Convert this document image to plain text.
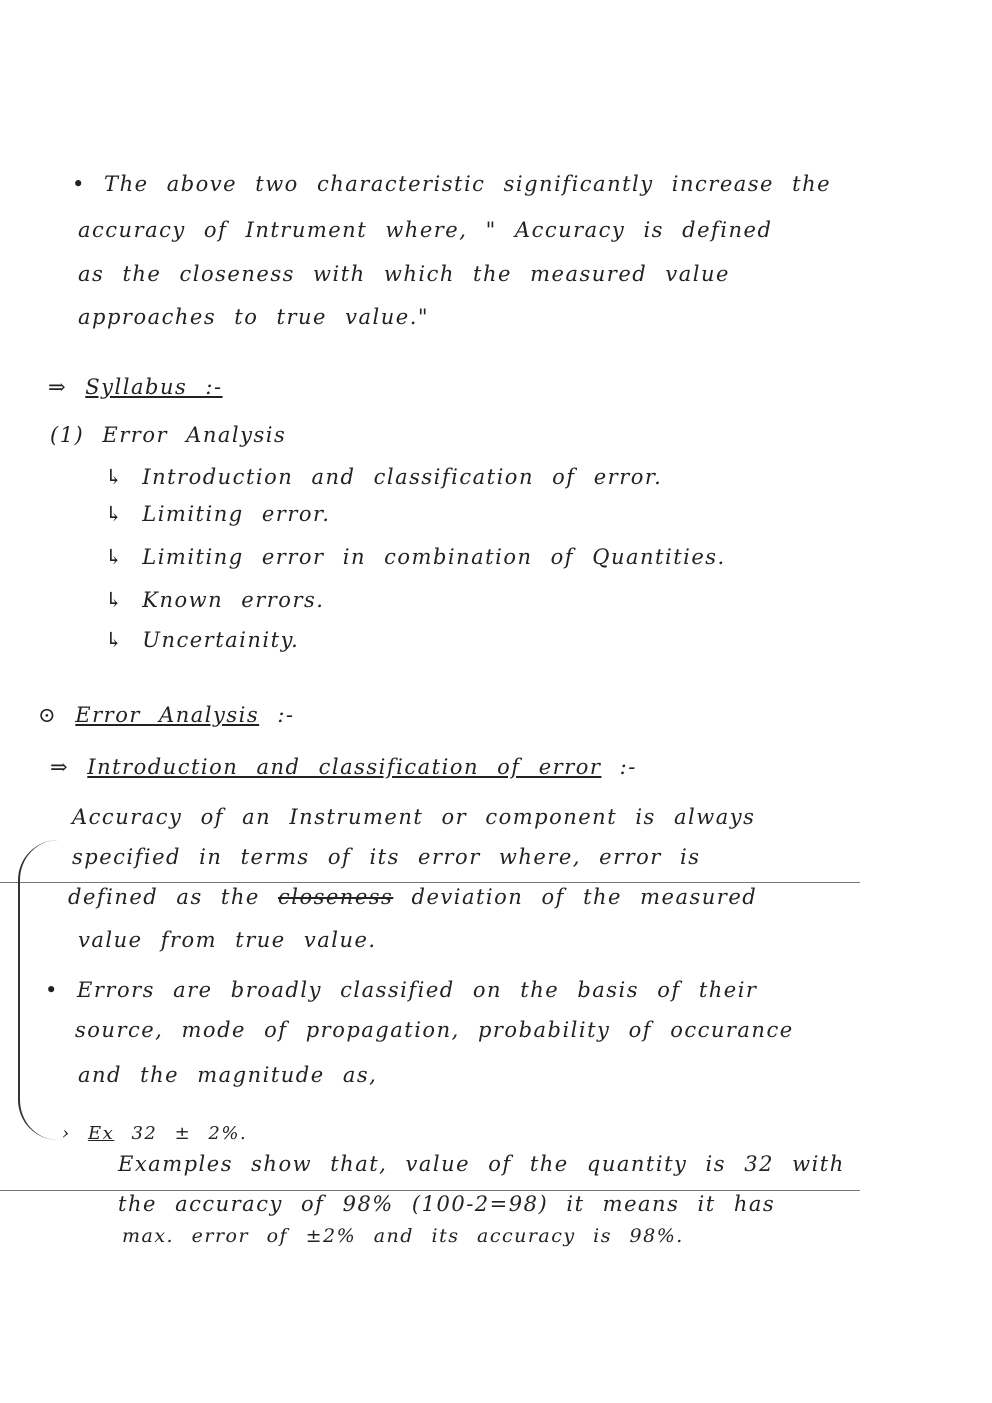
• The above two characteristic significantly increase the
accuracy of Intrument where, " Accuracy is defined
as the closeness with which the measured value
approaches to true value."
⇒ Syllabus :-
(1) Error Analysis
↳ Introduction and classification of error.
↳ Limiting error.
↳ Limiting error in combination of Quantities.
↳ Known errors.
↳ Uncertainity.
⊙ Error Analysis :-
⇒ Introduction and classification of error :-
Accuracy of an Instrument or component is always
specified in terms of its error where, error is
defined as the closeness deviation of the measured
value from true value.
• Errors are broadly classified on the basis of their
source, mode of propagation, probability of occurance
and the magnitude as,
› Ex 32 ± 2%.
Examples show that, value of the quantity is 32 with
the accuracy of 98% (100-2=98) it means it has
max. error of ±2% and its accuracy is 98%.
